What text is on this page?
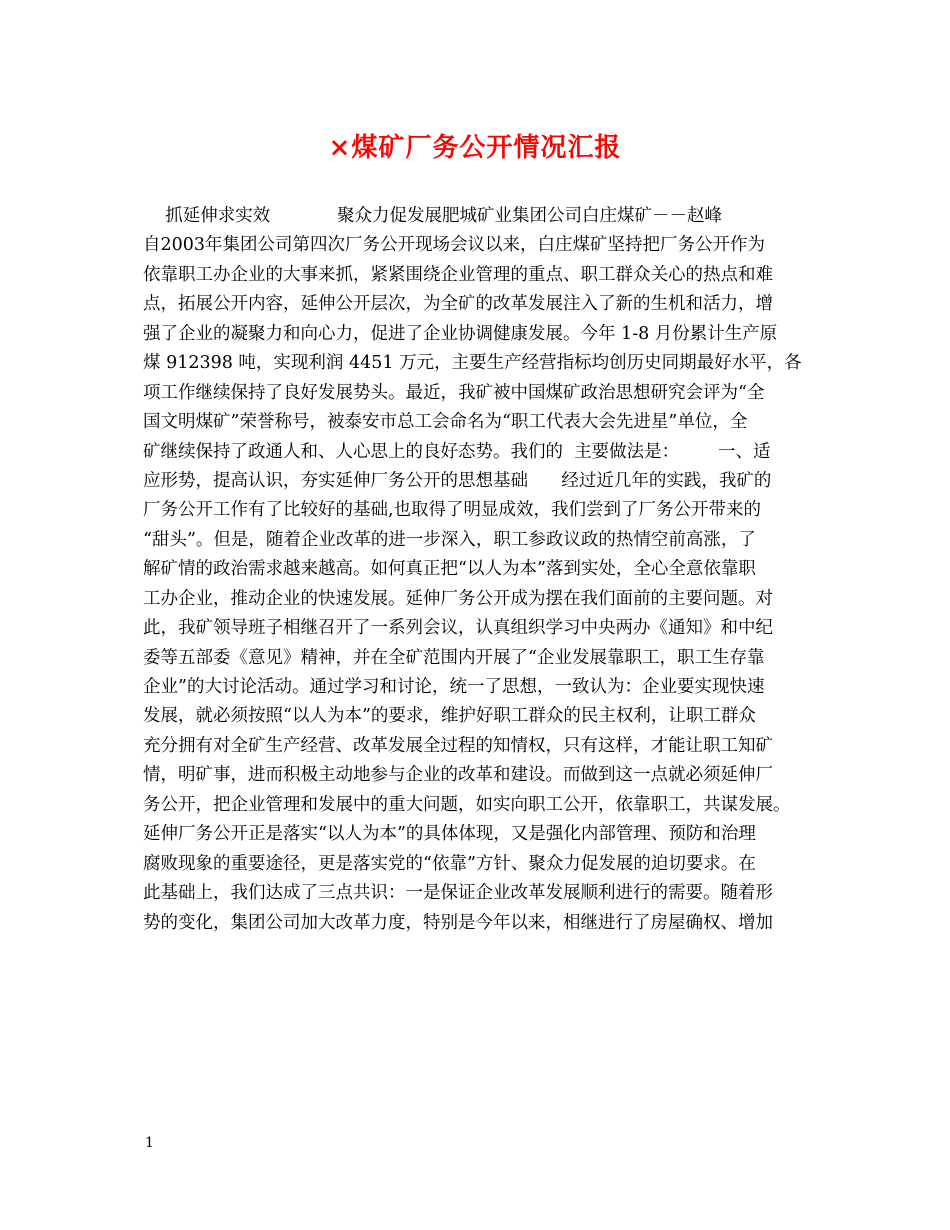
×煤矿厂务公开情况汇报
抓延伸求实效            聚众力促发展肥城矿业集团公司白庄煤矿－－赵峰
自2003年集团公司第四次厂务公开现场会议以来，白庄煤矿坚持把厂务公开作为
依靠职工办企业的大事来抓，紧紧围绕企业管理的重点、职工群众关心的热点和难
点，拓展公开内容，延伸公开层次，为全矿的改革发展注入了新的生机和活力，增
强了企业的凝聚力和向心力，促进了企业协调健康发展。今年 1-8 月份累计生产原
煤 912398 吨，实现利润 4451 万元，主要生产经营指标均创历史同期最好水平，各
项工作继续保持了良好发展势头。最近，我矿被中国煤矿政治思想研究会评为“全
国文明煤矿”荣誉称号，被泰安市总工会命名为“职工代表大会先进星”单位，全
矿继续保持了政通人和、人心思上的良好态势。我们的  主要做法是：       一、适
应形势，提高认识，夯实延伸厂务公开的思想基础      经过近几年的实践，我矿的
厂务公开工作有了比较好的基础,也取得了明显成效，我们尝到了厂务公开带来的
“甜头”。但是，随着企业改革的进一步深入，职工参政议政的热情空前高涨，了
解矿情的政治需求越来越高。如何真正把“以人为本”落到实处，全心全意依靠职
工办企业，推动企业的快速发展。延伸厂务公开成为摆在我们面前的主要问题。对
此，我矿领导班子相继召开了一系列会议，认真组织学习中央两办《通知》和中纪
委等五部委《意见》精神，并在全矿范围内开展了“企业发展靠职工，职工生存靠
企业”的大讨论活动。通过学习和讨论，统一了思想，一致认为：企业要实现快速
发展，就必须按照“以人为本”的要求，维护好职工群众的民主权利，让职工群众
充分拥有对全矿生产经营、改革发展全过程的知情权，只有这样，才能让职工知矿
情，明矿事，进而积极主动地参与企业的改革和建设。而做到这一点就必须延伸厂
务公开，把企业管理和发展中的重大问题，如实向职工公开，依靠职工，共谋发展。
延伸厂务公开正是落实“以人为本”的具体体现，又是强化内部管理、预防和治理
腐败现象的重要途径，更是落实党的“依靠”方针、聚众力促发展的迫切要求。在
此基础上，我们达成了三点共识：一是保证企业改革发展顺利进行的需要。随着形
势的变化，集团公司加大改革力度，特别是今年以来，相继进行了房屋确权、增加
1
